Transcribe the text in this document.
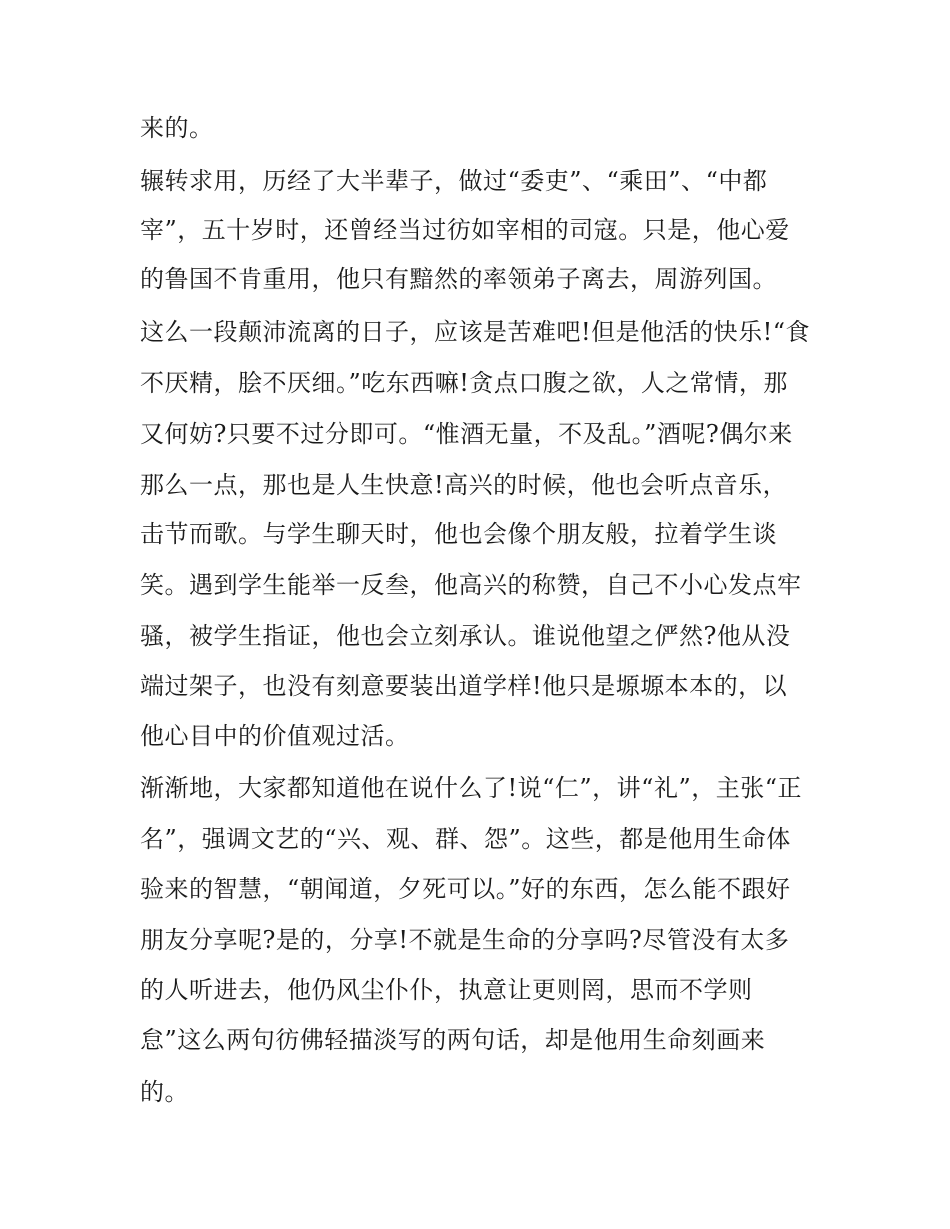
来的。
辗转求用，历经了大半辈子，做过“委吏”、“乘田”、“中都
宰”，五十岁时，还曾经当过彷如宰相的司寇。只是，他心爱
的鲁国不肯重用，他只有黯然的率领弟子离去，周游列国。
这么一段颠沛流离的日子，应该是苦难吧!但是他活的快乐!“食
不厌精，脍不厌细。”吃东西嘛!贪点口腹之欲，人之常情，那
又何妨?只要不过分即可。“惟酒无量，不及乱。”酒呢?偶尔来
那么一点，那也是人生快意!高兴的时候，他也会听点音乐，
击节而歌。与学生聊天时，他也会像个朋友般，拉着学生谈
笑。遇到学生能举一反叁，他高兴的称赞，自己不小心发点牢
骚，被学生指证，他也会立刻承认。谁说他望之俨然?他从没
端过架子，也没有刻意要装出道学样!他只是塬塬本本的，以
他心目中的价值观过活。
渐渐地，大家都知道他在说什么了!说“仁”，讲“礼”，主张“正
名”，强调文艺的“兴、观、群、怨”。这些，都是他用生命体
验来的智慧，“朝闻道，夕死可以。”好的东西，怎么能不跟好
朋友分享呢?是的，分享!不就是生命的分享吗?尽管没有太多
的人听进去，他仍风尘仆仆，执意让更则罔，思而不学则
怠”这么两句彷佛轻描淡写的两句话，却是他用生命刻画来
的。
